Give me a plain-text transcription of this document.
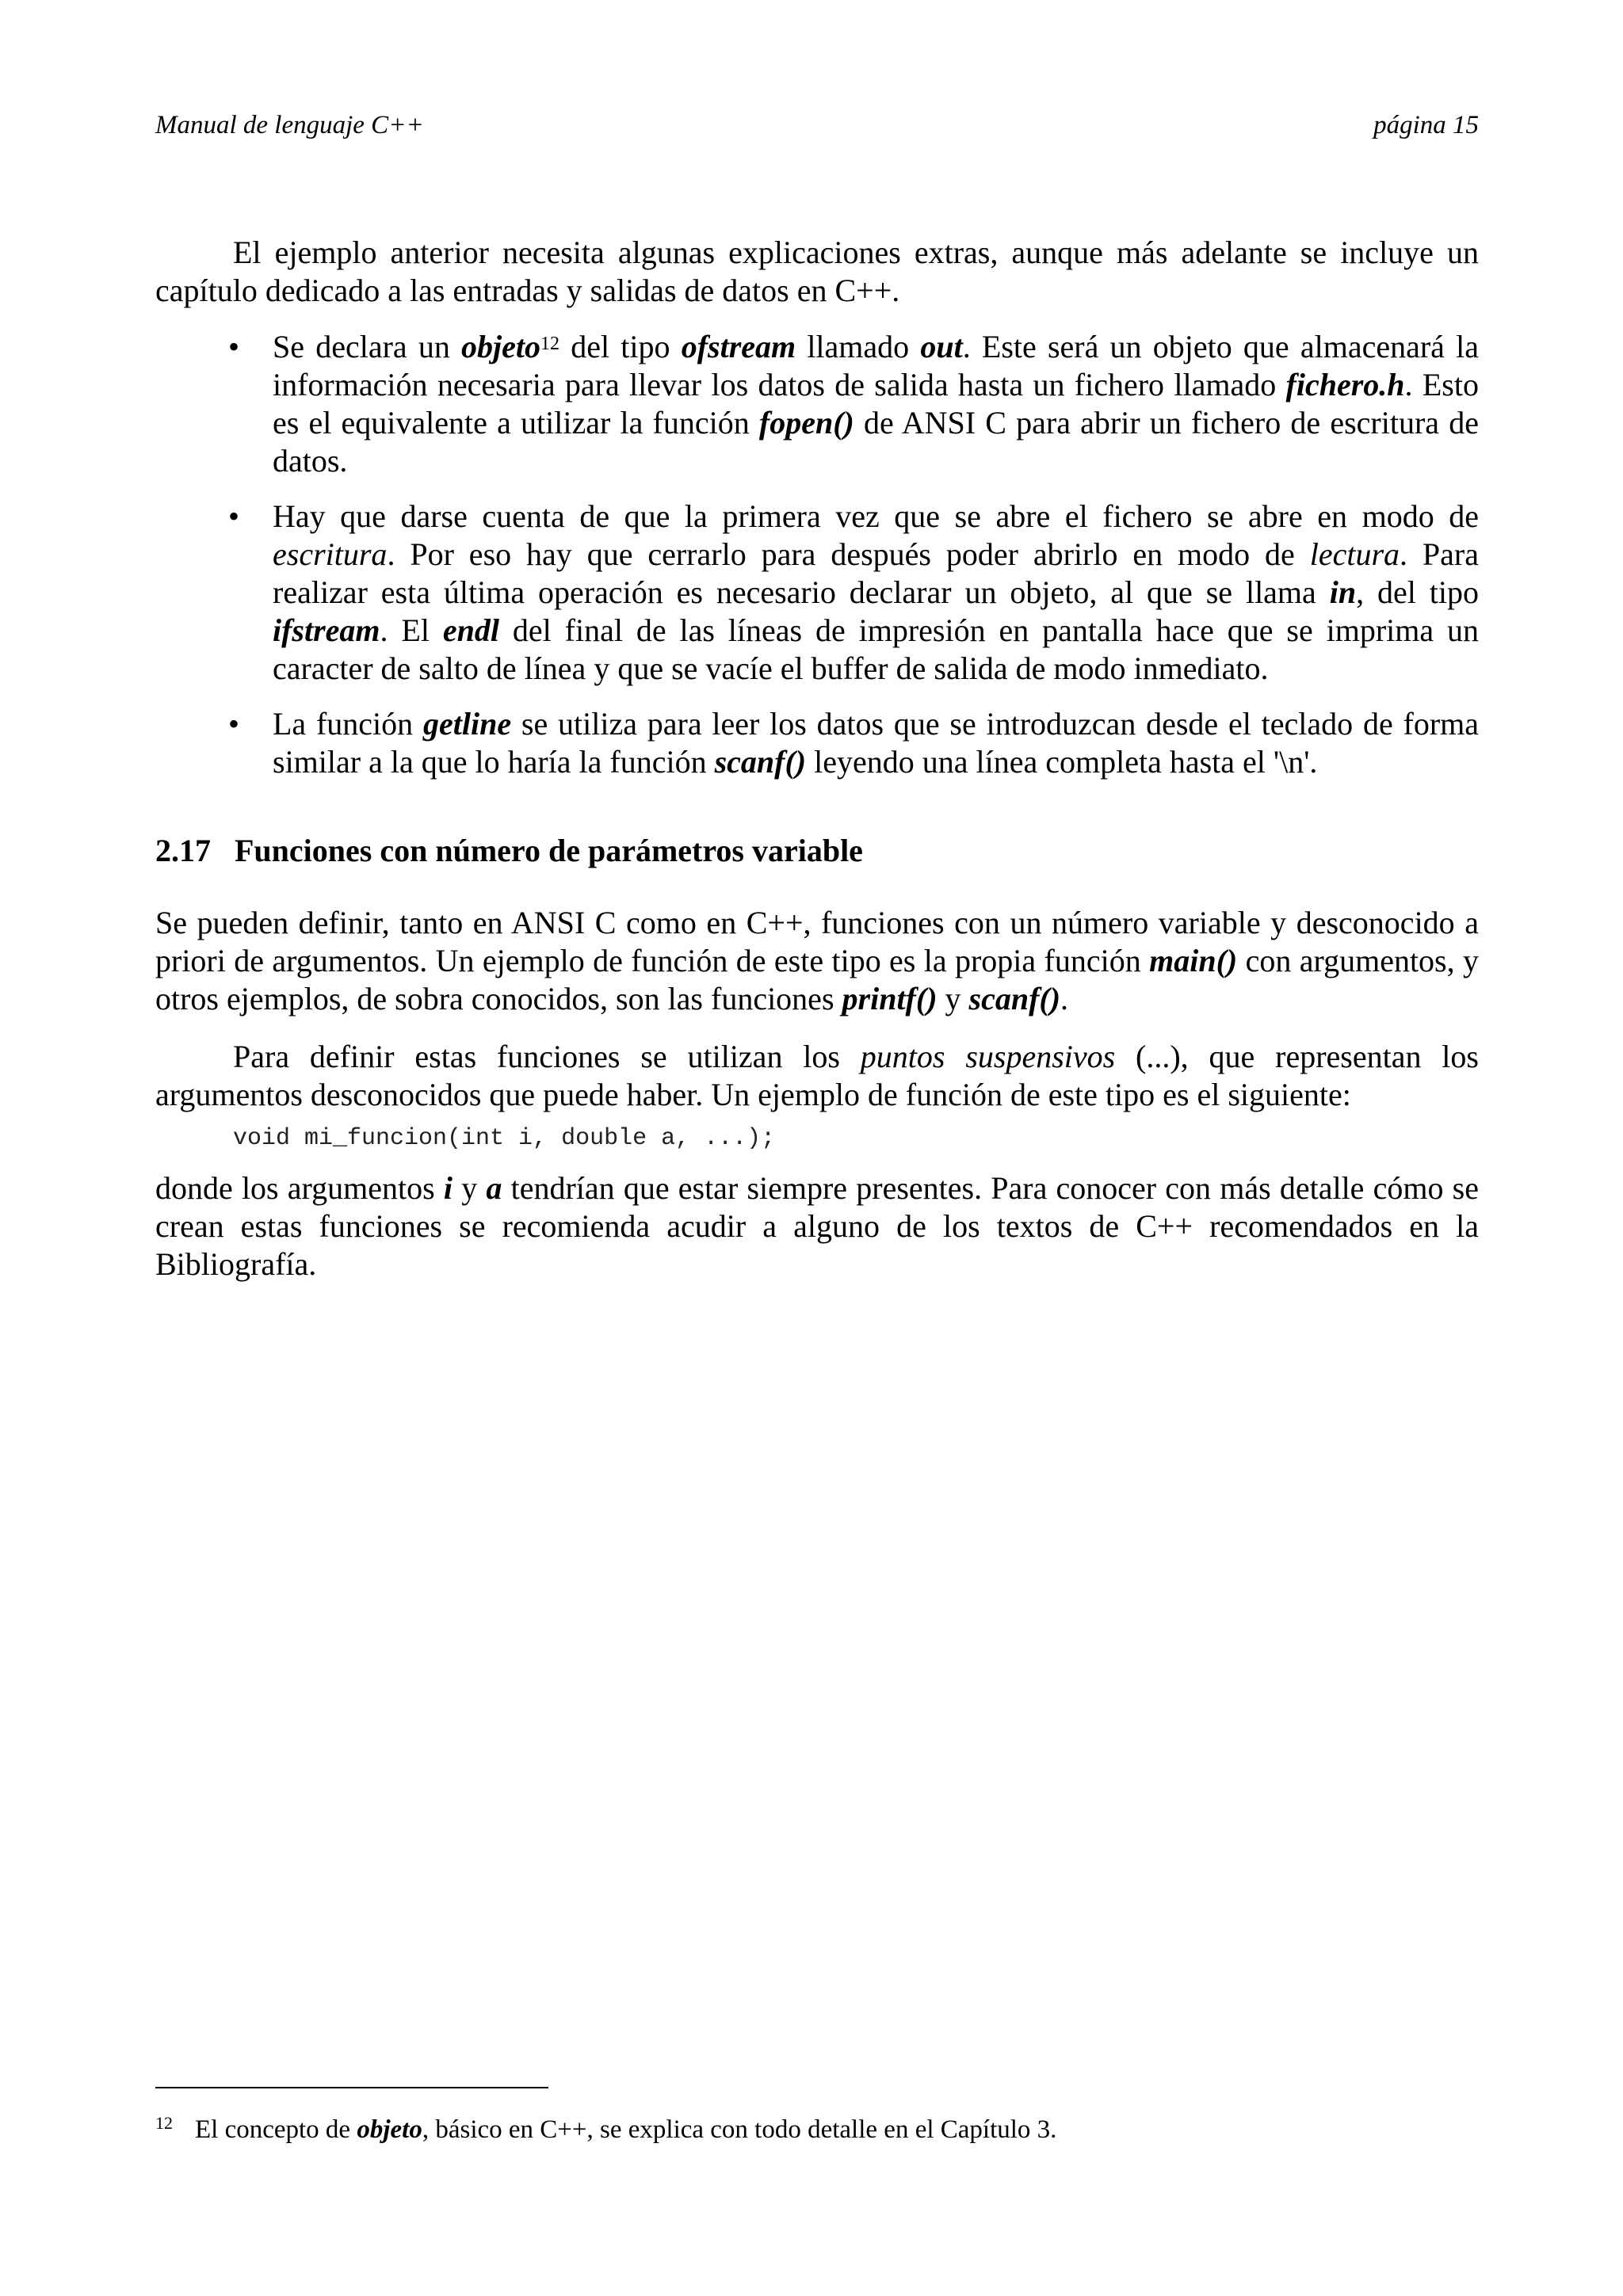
Manual de lenguaje C++	página 15

El ejemplo anterior necesita algunas explicaciones extras, aunque más adelante se incluye un capítulo dedicado a las entradas y salidas de datos en C++.

•
Se declara un objeto$^{12}$ del tipo ofstream llamado out. Este será un objeto que almacenará la información necesaria para llevar los datos de salida hasta un fichero llamado fichero.h. Esto es el equivalente a utilizar la función fopen() de ANSI C para abrir un fichero de escritura de datos.
•
Hay que darse cuenta de que la primera vez que se abre el fichero se abre en modo de escritura. Por eso hay que cerrarlo para después poder abrirlo en modo de lectura. Para realizar esta última operación es necesario declarar un objeto, al que se llama in, del tipo ifstream. El endl del final de las líneas de impresión en pantalla hace que se imprima un caracter de salto de línea y que se vacíe el buffer de salida de modo inmediato.
•
La función getline se utiliza para leer los datos que se introduzcan desde el teclado de forma similar a la que lo haría la función scanf() leyendo una línea completa hasta el '\n'.
2.17 Funciones con número de parámetros variable

Se pueden definir, tanto en ANSI C como en C++, funciones con un número variable y desconocido a priori de argumentos. Un ejemplo de función de este tipo es la propia función main() con argumentos, y otros ejemplos, de sobra conocidos, son las funciones printf() y scanf().

Para definir estas funciones se utilizan los puntos suspensivos (...), que representan los argumentos desconocidos que puede haber. Un ejemplo de función de este tipo es el siguiente:

void mi_funcion(int i, double a, ...);

donde los argumentos i y a tendrían que estar siempre presentes. Para conocer con más detalle cómo se crean estas funciones se recomienda acudir a alguno de los textos de C++ recomendados en la Bibliografía.

12 El concepto de objeto, básico en C++, se explica con todo detalle en el Capítulo 3.
